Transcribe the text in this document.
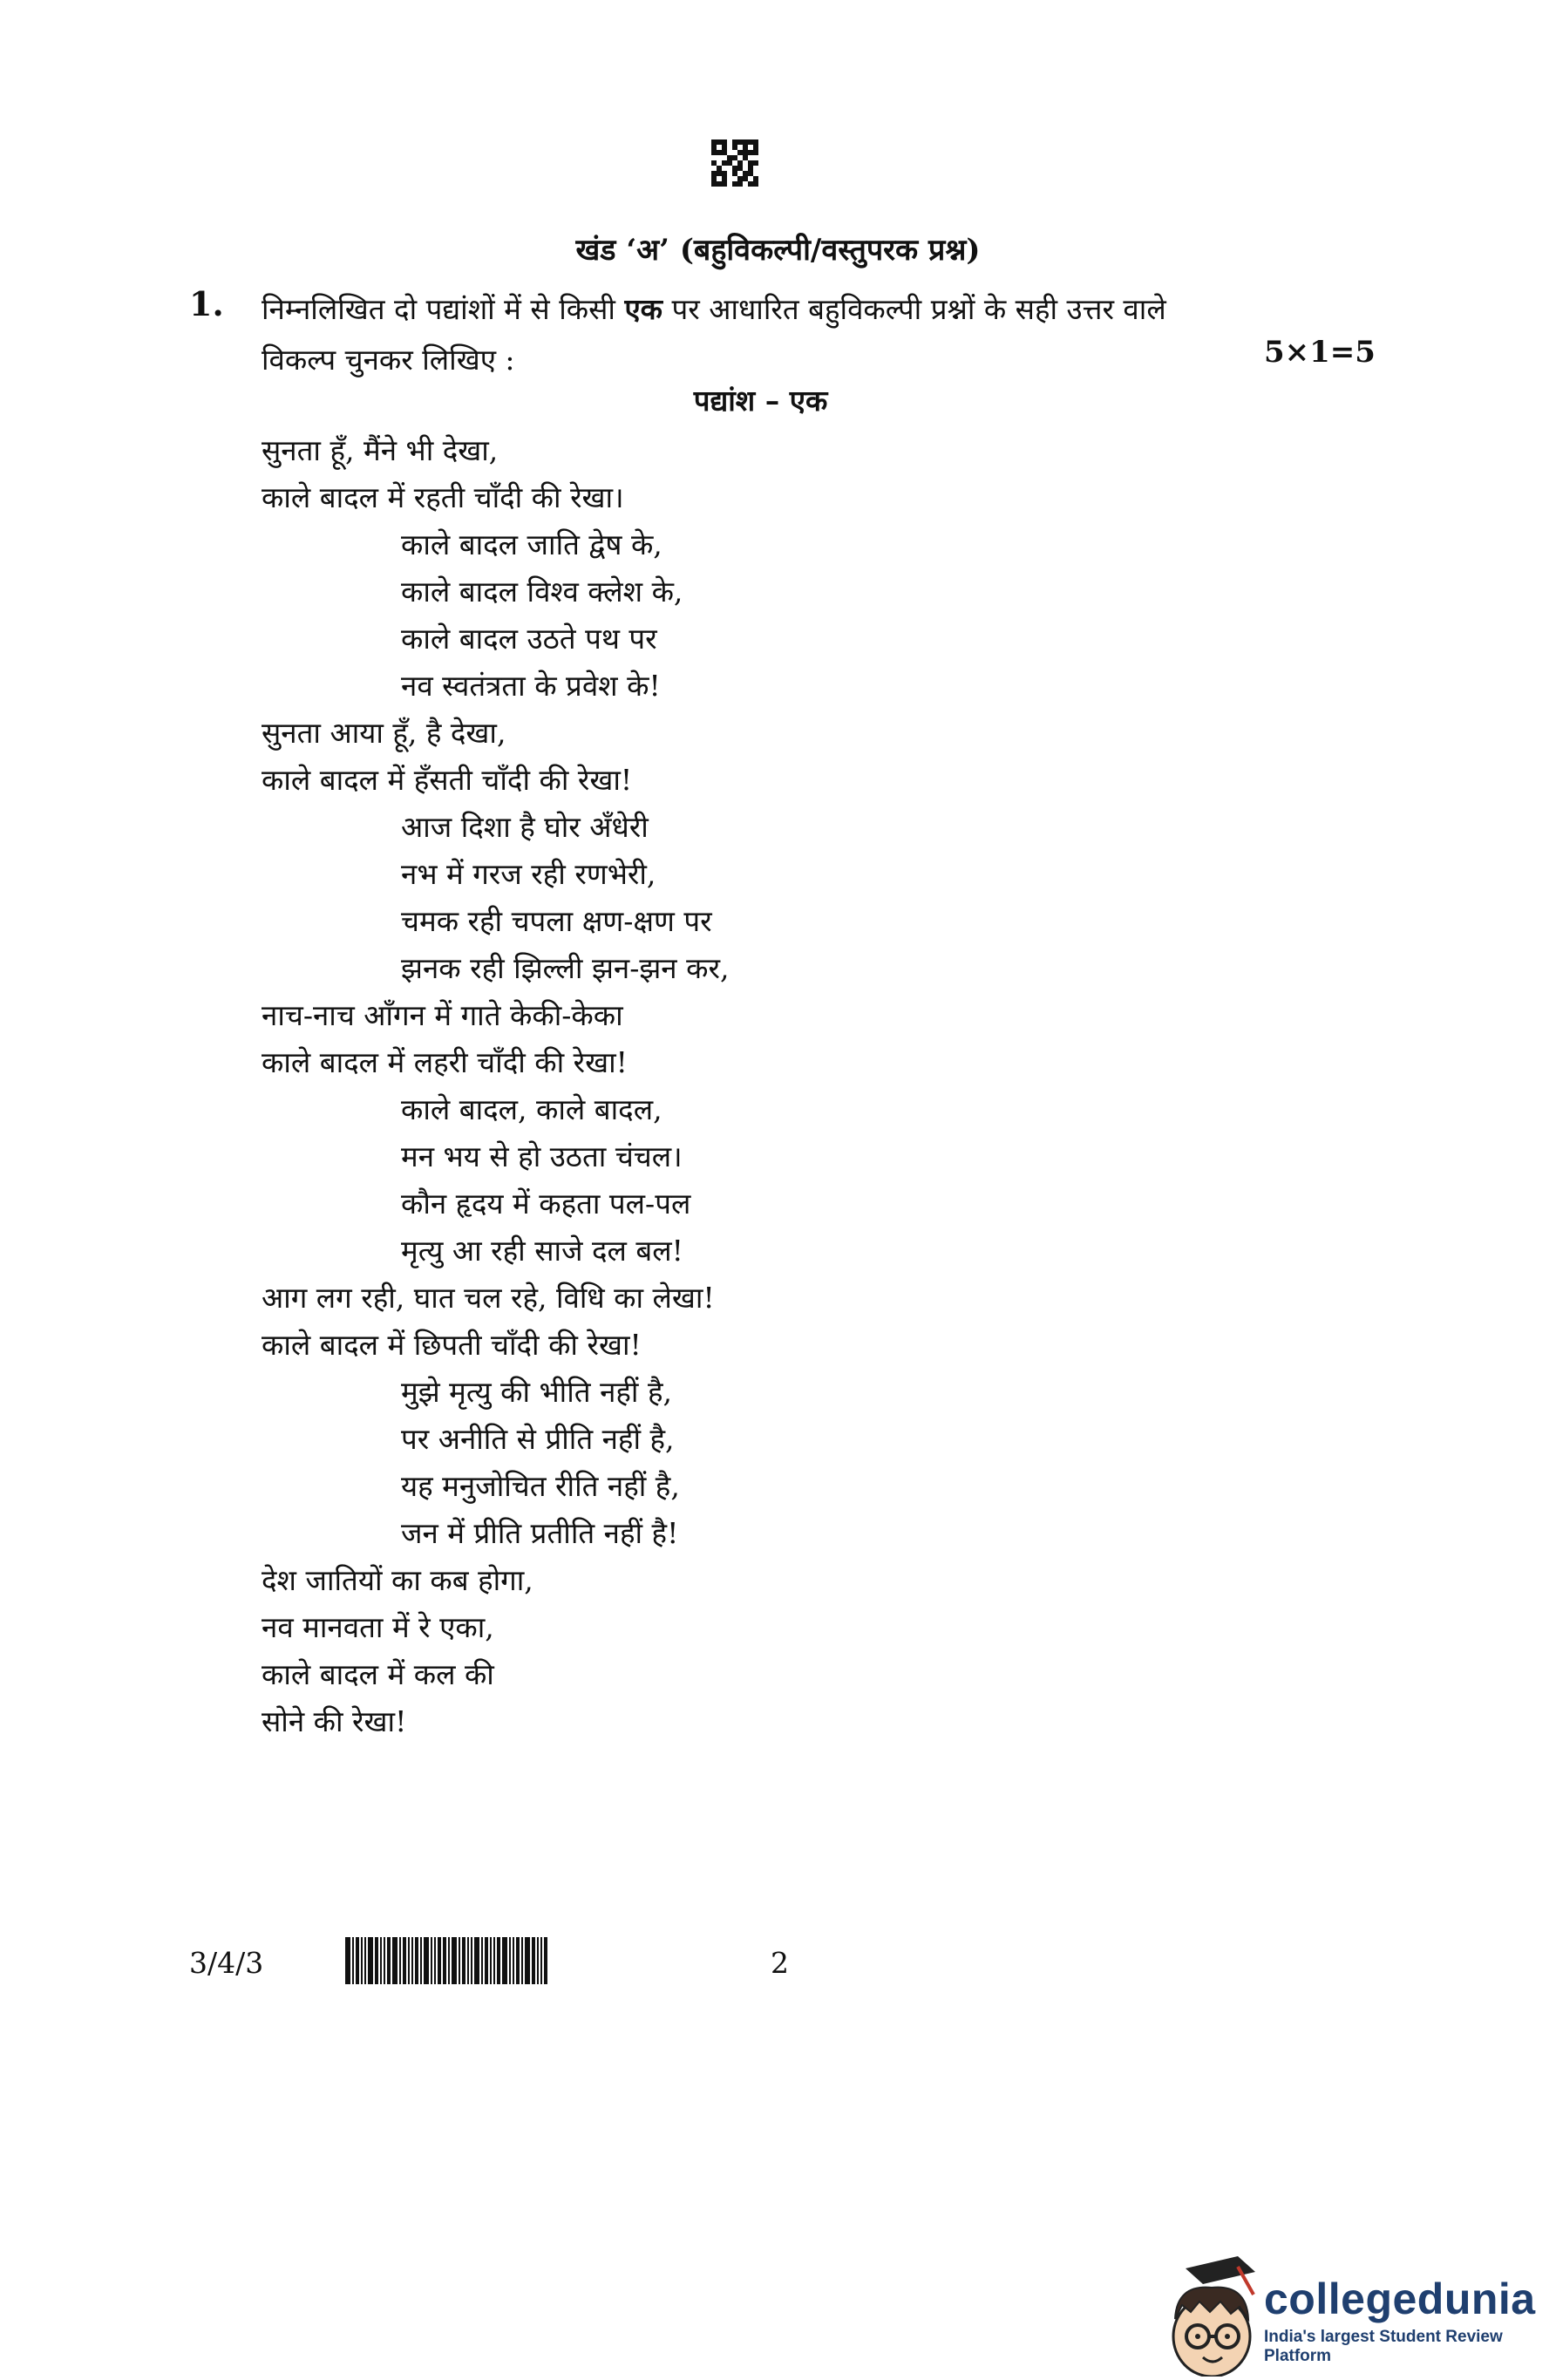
खंड ‘अ’ (बहुविकल्पी/वस्तुपरक प्रश्न)
1. निम्नलिखित दो पद्यांशों में से किसी एक पर आधारित बहुविकल्पी प्रश्नों के सही उत्तर वाले विकल्प चुनकर लिखिए :	5×1=5
पद्यांश – एक
सुनता हूँ, मैंने भी देखा,
काले बादल में रहती चाँदी की रेखा।
काले बादल जाति द्वेष के,
काले बादल विश्व क्लेश के,
काले बादल उठते पथ पर
नव स्वतंत्रता के प्रवेश के!
सुनता आया हूँ, है देखा,
काले बादल में हँसती चाँदी की रेखा!
आज दिशा है घोर अँधेरी
नभ में गरज रही रणभेरी,
चमक रही चपला क्षण-क्षण पर
झनक रही झिल्ली झन-झन कर,
नाच-नाच आँगन में गाते केकी-केका
काले बादल में लहरी चाँदी की रेखा!
काले बादल, काले बादल,
मन भय से हो उठता चंचल।
कौन हृदय में कहता पल-पल
मृत्यु आ रही साजे दल बल!
आग लग रही, घात चल रहे, विधि का लेखा!
काले बादल में छिपती चाँदी की रेखा!
मुझे मृत्यु की भीति नहीं है,
पर अनीति से प्रीति नहीं है,
यह मनुजोचित रीति नहीं है,
जन में प्रीति प्रतीति नहीं है!
देश जातियों का कब होगा,
नव मानवता में रे एका,
काले बादल में कल की
सोने की रेखा!
3/4/3	2
collegedunia
India's largest Student Review Platform
